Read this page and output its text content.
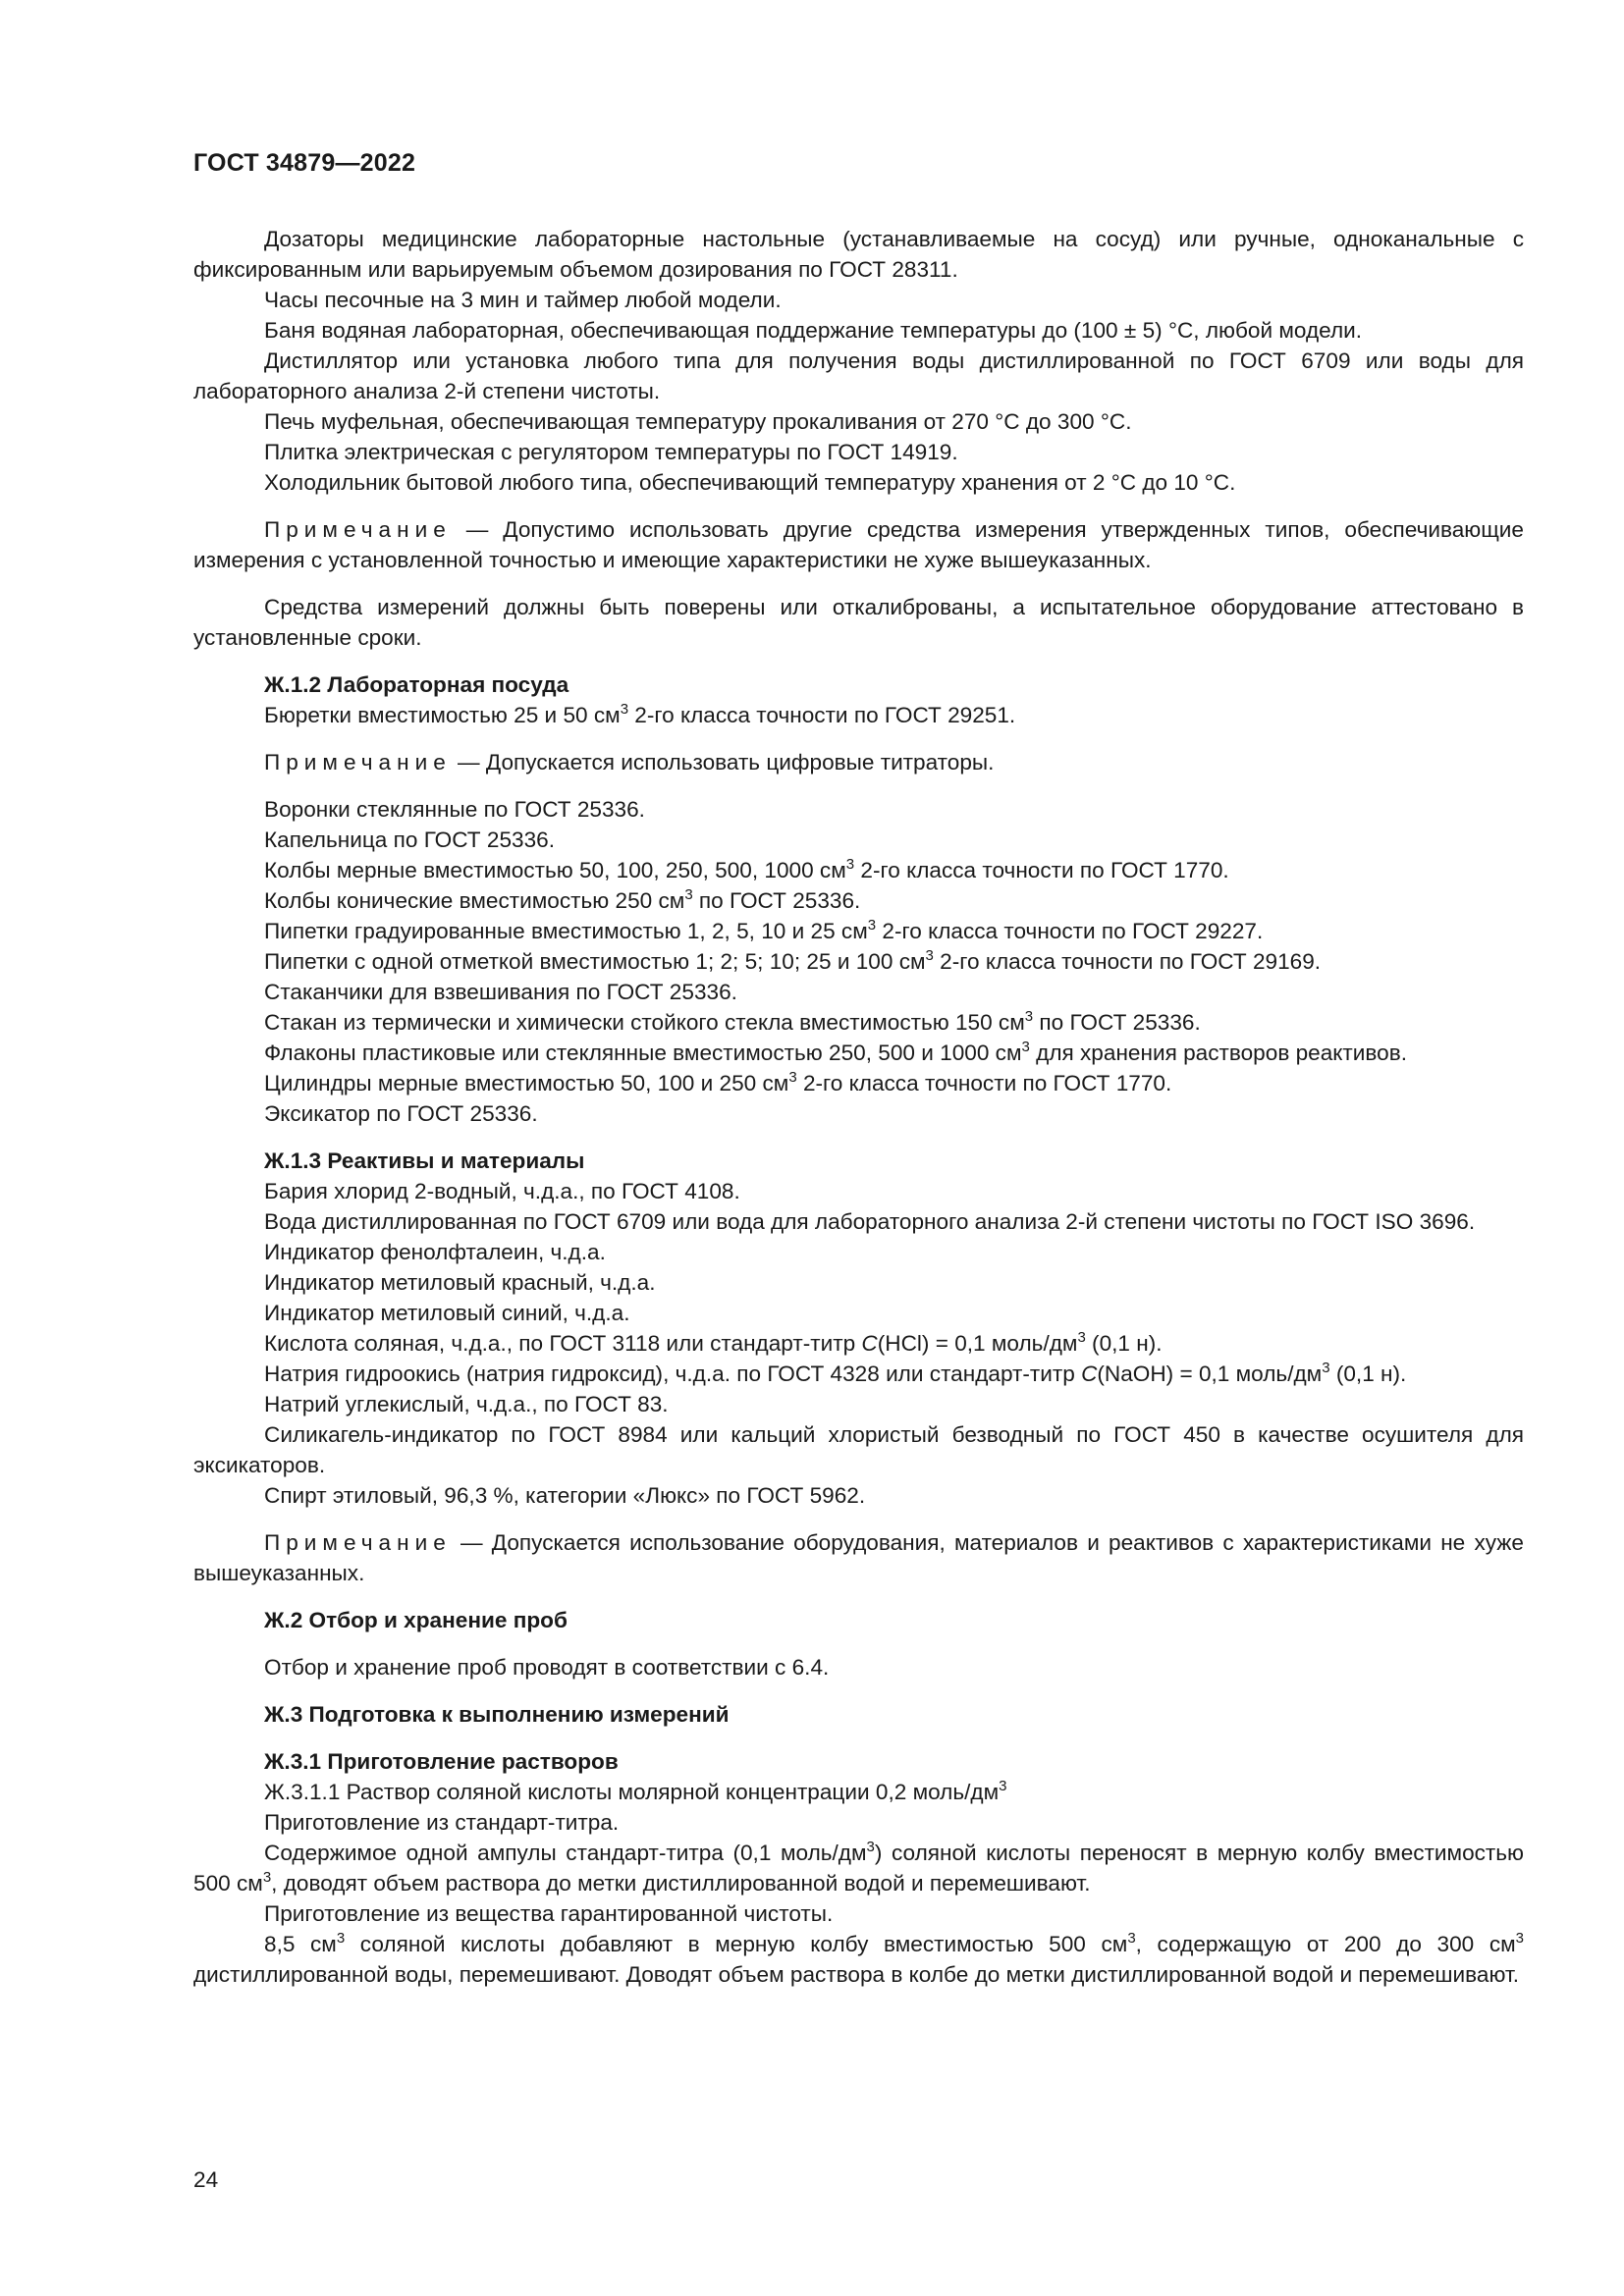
ГОСТ 34879—2022

Дозаторы медицинские лабораторные настольные (устанавливаемые на сосуд) или ручные, одноканальные с фиксированным или варьируемым объемом дозирования по ГОСТ 28311.

Часы песочные на 3 мин и таймер любой модели.

Баня водяная лабораторная, обеспечивающая поддержание температуры до (100 ± 5) °С, любой модели.

Дистиллятор или установка любого типа для получения воды дистиллированной по ГОСТ 6709 или воды для лабораторного анализа 2-й степени чистоты.

Печь муфельная, обеспечивающая температуру прокаливания от 270 °С до 300 °С.

Плитка электрическая с регулятором температуры по ГОСТ 14919.

Холодильник бытовой любого типа, обеспечивающий температуру хранения от 2 °С до 10 °С.

Примечание — Допустимо использовать другие средства измерения утвержденных типов, обеспечивающие измерения с установленной точностью и имеющие характеристики не хуже вышеуказанных.

Средства измерений должны быть поверены или откалиброваны, а испытательное оборудование аттестовано в установленные сроки.

Ж.1.2 Лабораторная посуда

Бюретки вместимостью 25 и 50 $см^3$ 2-го класса точности по ГОСТ 29251.

Примечание — Допускается использовать цифровые титраторы.

Воронки стеклянные по ГОСТ 25336.

Капельница по ГОСТ 25336.

Колбы мерные вместимостью 50, 100, 250, 500, 1000 $см^3$ 2-го класса точности по ГОСТ 1770.

Колбы конические вместимостью 250 $см^3$ по ГОСТ 25336.

Пипетки градуированные вместимостью 1, 2, 5, 10 и 25 $см^3$ 2-го класса точности по ГОСТ 29227.

Пипетки с одной отметкой вместимостью 1; 2; 5; 10; 25 и 100 $см^3$ 2-го класса точности по ГОСТ 29169.

Стаканчики для взвешивания по ГОСТ 25336.

Стакан из термически и химически стойкого стекла вместимостью 150 $см^3$ по ГОСТ 25336.

Флаконы пластиковые или стеклянные вместимостью 250, 500 и 1000 $см^3$ для хранения растворов реактивов.

Цилиндры мерные вместимостью 50, 100 и 250 $см^3$ 2-го класса точности по ГОСТ 1770.

Эксикатор по ГОСТ 25336.

Ж.1.3 Реактивы и материалы

Бария хлорид 2-водный, ч.д.а., по ГОСТ 4108.

Вода дистиллированная по ГОСТ 6709 или вода для лабораторного анализа 2-й степени чистоты по ГОСТ ISO 3696.

Индикатор фенолфталеин, ч.д.а.

Индикатор метиловый красный, ч.д.а.

Индикатор метиловый синий, ч.д.а.

Кислота соляная, ч.д.а., по ГОСТ 3118 или стандарт-титр C(HCl) = 0,1 моль/$дм^3$ (0,1 н).

Натрия гидроокись (натрия гидроксид), ч.д.а. по ГОСТ 4328 или стандарт-титр C(NaOH) = 0,1 моль/$дм^3$ (0,1 н).

Натрий углекислый, ч.д.а., по ГОСТ 83.

Силикагель-индикатор по ГОСТ 8984 или кальций хлористый безводный по ГОСТ 450 в качестве осушителя для эксикаторов.

Спирт этиловый, 96,3 %, категории «Люкс» по ГОСТ 5962.

Примечание — Допускается использование оборудования, материалов и реактивов с характеристиками не хуже вышеуказанных.

Ж.2 Отбор и хранение проб

Отбор и хранение проб проводят в соответствии с 6.4.

Ж.3 Подготовка к выполнению измерений
Ж.3.1 Приготовление растворов

Ж.3.1.1 Раствор соляной кислоты молярной концентрации 0,2 моль/$дм^3$

Приготовление из стандарт-титра.

Содержимое одной ампулы стандарт-титра (0,1 моль/$дм^3$) соляной кислоты переносят в мерную колбу вместимостью 500 $см^3$, доводят объем раствора до метки дистиллированной водой и перемешивают.

Приготовление из вещества гарантированной чистоты.

8,5 $см^3$ соляной кислоты добавляют в мерную колбу вместимостью 500 $см^3$, содержащую от 200 до 300 $см^3$ дистиллированной воды, перемешивают. Доводят объем раствора в колбе до метки дистиллированной водой и перемешивают.

24
